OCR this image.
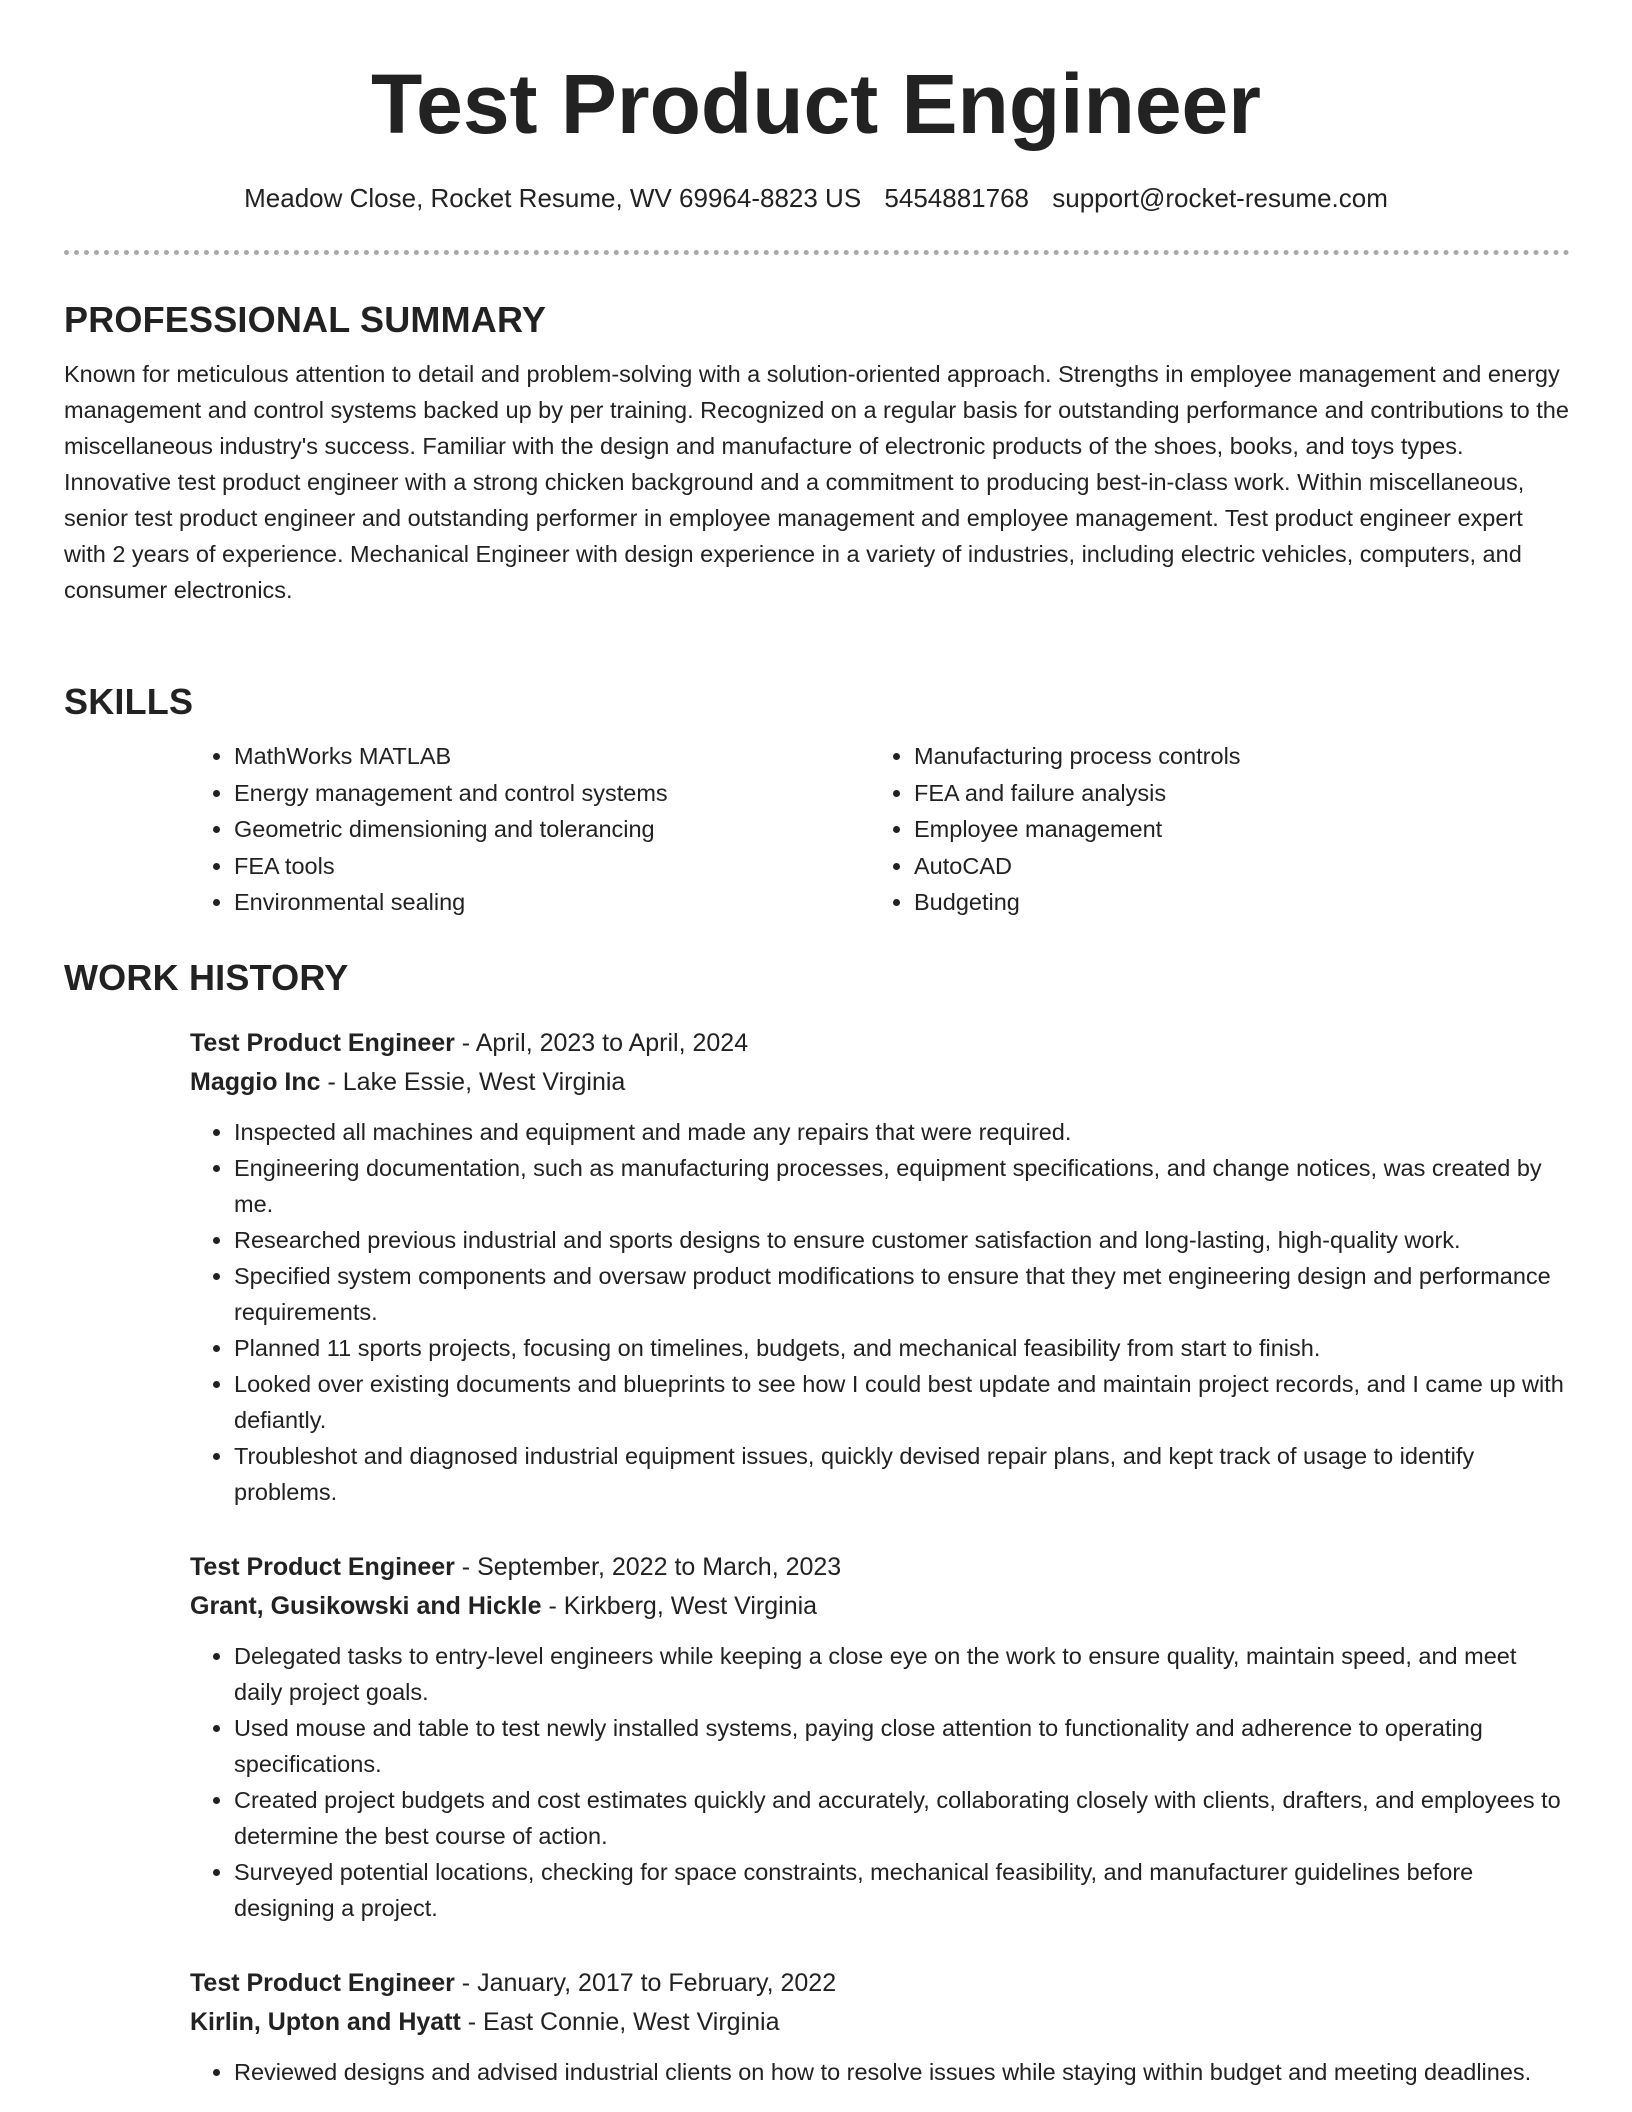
Test Product Engineer
Meadow Close, Rocket Resume, WV 69964-8823 US 5454881768 support@rocket-resume.com
PROFESSIONAL SUMMARY

Known for meticulous attention to detail and problem-solving with a solution-oriented approach. Strengths in employee management and energy management and control systems backed up by per training. Recognized on a regular basis for outstanding performance and contributions to the miscellaneous industry's success. Familiar with the design and manufacture of electronic products of the shoes, books, and toys types. Innovative test product engineer with a strong chicken background and a commitment to producing best-in-class work. Within miscellaneous, senior test product engineer and outstanding performer in employee management and employee management. Test product engineer expert with 2 years of experience. Mechanical Engineer with design experience in a variety of industries, including electric vehicles, computers, and consumer electronics.

SKILLS
• MathWorks MATLAB
• Energy management and control systems
• Geometric dimensioning and tolerancing
• FEA tools
• Environmental sealing
• Manufacturing process controls
• FEA and failure analysis
• Employee management
• AutoCAD
• Budgeting
WORK HISTORY
Test Product Engineer - April, 2023 to April, 2024
Maggio Inc - Lake Essie, West Virginia
• Inspected all machines and equipment and made any repairs that were required.
• Engineering documentation, such as manufacturing processes, equipment specifications, and change notices, was created by me.
• Researched previous industrial and sports designs to ensure customer satisfaction and long-lasting, high-quality work.
• Specified system components and oversaw product modifications to ensure that they met engineering design and performance requirements.
• Planned 11 sports projects, focusing on timelines, budgets, and mechanical feasibility from start to finish.
• Looked over existing documents and blueprints to see how I could best update and maintain project records, and I came up with defiantly.
• Troubleshot and diagnosed industrial equipment issues, quickly devised repair plans, and kept track of usage to identify problems.
Test Product Engineer - September, 2022 to March, 2023
Grant, Gusikowski and Hickle - Kirkberg, West Virginia
• Delegated tasks to entry-level engineers while keeping a close eye on the work to ensure quality, maintain speed, and meet daily project goals.
• Used mouse and table to test newly installed systems, paying close attention to functionality and adherence to operating specifications.
• Created project budgets and cost estimates quickly and accurately, collaborating closely with clients, drafters, and employees to determine the best course of action.
• Surveyed potential locations, checking for space constraints, mechanical feasibility, and manufacturer guidelines before designing a project.
Test Product Engineer - January, 2017 to February, 2022
Kirlin, Upton and Hyatt - East Connie, West Virginia
• Reviewed designs and advised industrial clients on how to resolve issues while staying within budget and meeting deadlines.
